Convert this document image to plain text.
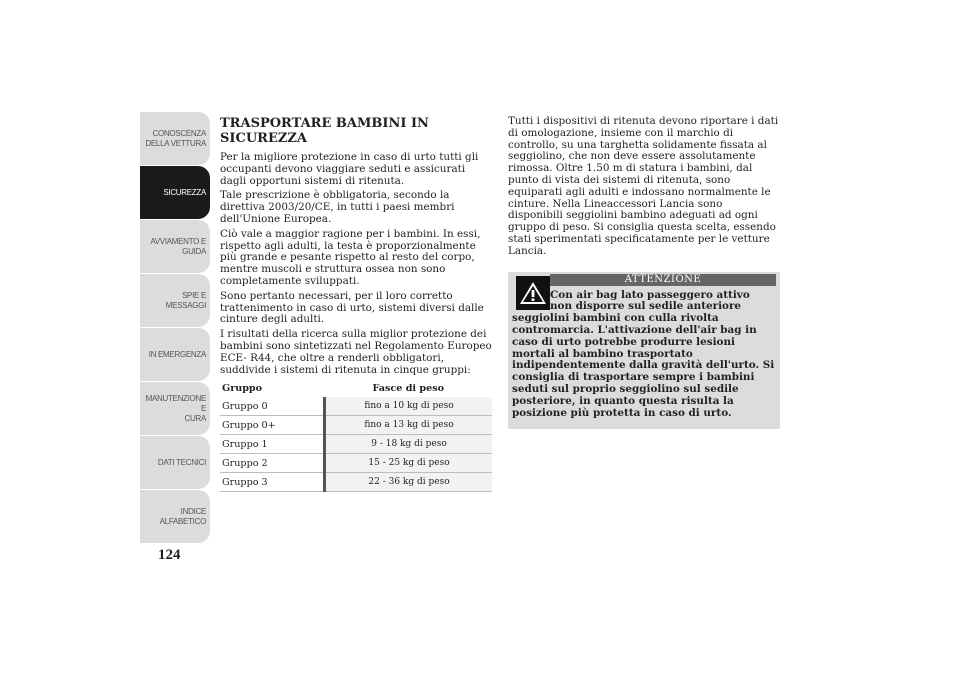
CONOSCENZA
DELLA VETTURA
SICUREZZA
AVVIAMENTO E
GUIDA
SPIE E MESSAGGI
IN EMERGENZA
MANUTENZIONE E
CURA
DATI TECNICI
INDICE
ALFABETICO
124
TRASPORTARE BAMBINI IN SICUREZZA

Per la migliore protezione in caso di urto tutti gli occupanti devono viaggiare seduti e assicurati dagli opportuni sistemi di ritenuta.

Tale prescrizione è obbligatoria, secondo la direttiva 2003/20/CE, in tutti i paesi membri dell'Unione Europea.

Ciò vale a maggior ragione per i bambini. In essi, rispetto agli adulti, la testa è proporzionalmente più grande e pesante rispetto al resto del corpo, mentre muscoli e struttura ossea non sono completamente sviluppati.

Sono pertanto necessari, per il loro corretto trattenimento in caso di urto, sistemi diversi dalle cinture degli adulti.

I risultati della ricerca sulla miglior protezione dei bambini sono sintetizzati nel Regolamento Europeo ECE- R44, che oltre a renderli obbligatori, suddivide i sistemi di ritenuta in cinque gruppi:

Gruppo	Fasce di peso
Gruppo 0	fino a 10 kg di peso
Gruppo 0+	fino a 13 kg di peso
Gruppo 1	9 - 18 kg di peso
Gruppo 2	15 - 25 kg di peso
Gruppo 3	22 - 36 kg di peso

Tutti i dispositivi di ritenuta devono riportare i dati di omologazione, insieme con il marchio di controllo, su una targhetta solidamente fissata al seggiolino, che non deve essere assolutamente rimossa. Oltre 1.50 m di statura i bambini, dal punto di vista dei sistemi di ritenuta, sono equiparati agli adulti e indossano normalmente le cinture. Nella Lineaccessori Lancia sono disponibili seggiolini bambino adeguati ad ogni gruppo di peso. Si consiglia questa scelta, essendo stati sperimentati specificatamente per le vetture Lancia.

ATTENZIONE
Con air bag lato passeggero attivo
non disporre sul sedile anteriore
seggiolini bambini con culla rivolta contromarcia. L'attivazione dell'air bag in caso di urto potrebbe produrre lesioni mortali al bambino trasportato indipendentemente dalla gravità dell'urto. Si consiglia di trasportare sempre i bambini seduti sul proprio seggiolino sul sedile posteriore, in quanto questa risulta la posizione più protetta in caso di urto.
